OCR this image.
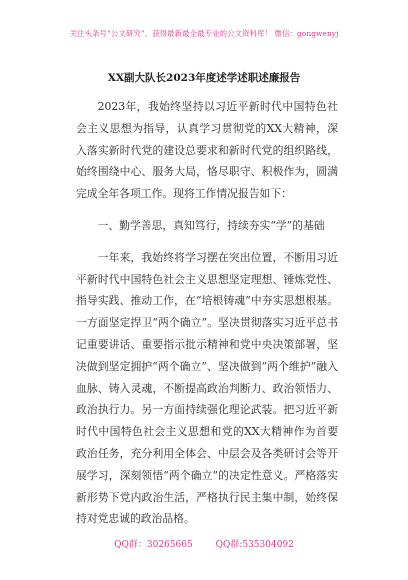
关注头条号“公文研究”，获得最新最全最专业的公文资料库！ 微信：gongwenyj
XX副大队长2023年度述学述职述廉报告

2023年，我始终坚持以习近平新时代中国特色社会主义思想为指导，认真学习贯彻党的XX大精神，深入落实新时代党的建设总要求和新时代党的组织路线，始终围绕中心、服务大局，恪尽职守、积极作为，圆满完成全年各项工作。现将工作情况报告如下：

一、勤学善思，真知笃行，持续夯实“学”的基础

一年来，我始终将学习摆在突出位置，不断用习近平新时代中国特色社会主义思想坚定理想、锤炼党性、指导实践、推动工作，在“培根铸魂”中夯实思想根基。一方面坚定捍卫“两个确立”。坚决贯彻落实习近平总书记重要讲话、重要指示批示精神和党中央决策部署，坚决做到坚定拥护“两个确立”、坚决做到“两个维护”融入血脉、铸入灵魂，不断提高政治判断力、政治领悟力、政治执行力。另一方面持续强化理论武装。把习近平新时代中国特色社会主义思想和党的XX大精神作为首要政治任务，充分利用全体会、中层会及各类研讨会等开展学习，深刻领悟“两个确立”的决定性意义。严格落实新形势下党内政治生活，严格执行民主集中制，始终保持对党忠诚的政治品格。

QQ群：30265665	QQ群:535304092
